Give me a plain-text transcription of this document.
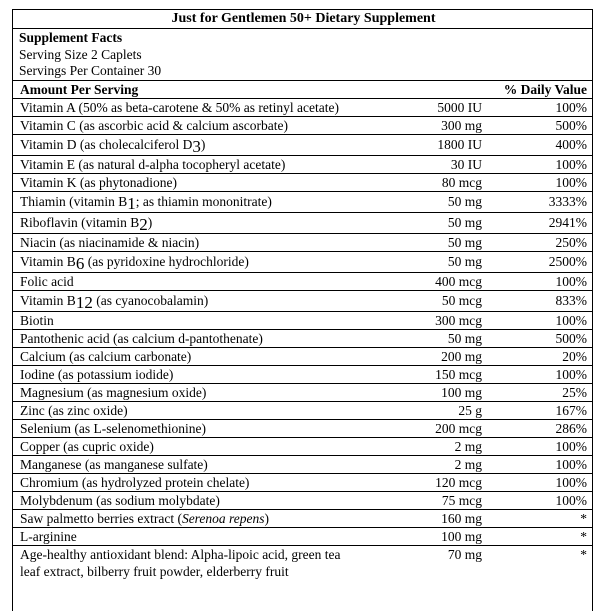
Just for Gentlemen 50+ Dietary Supplement		

Supplement Facts
Serving Size 2 Caplets
Servings Per Container 30		

Amount Per Serving	% Daily Value	
Vitamin A (50% as beta-carotene & 50% as retinyl acetate)	5000 IU	100%
Vitamin C (as ascorbic acid & calcium ascorbate)	300 mg	500%
Vitamin D (as cholecalciferol D3)	1800 IU	400%
Vitamin E (as natural d-alpha tocopheryl acetate)	30 IU	100%
Vitamin K (as phytonadione)	80 mcg	100%
Thiamin (vitamin B1; as thiamin mononitrate)	50 mg	3333%
Riboflavin (vitamin B2)	50 mg	2941%
Niacin (as niacinamide & niacin)	50 mg	250%
Vitamin B6 (as pyridoxine hydrochloride)	50 mg	2500%
Folic acid	400 mcg	100%
Vitamin B12 (as cyanocobalamin)	50 mcg	833%
Biotin	300 mcg	100%
Pantothenic acid (as calcium d-pantothenate)	50 mg	500%
Calcium (as calcium carbonate)	200 mg	20%
Iodine (as potassium iodide)	150 mcg	100%
Magnesium (as magnesium oxide)	100 mg	25%
Zinc (as zinc oxide)	25 g	167%
Selenium (as L-selenomethionine)	200 mcg	286%
Copper (as cupric oxide)	2 mg	100%
Manganese (as manganese sulfate)	2 mg	100%
Chromium (as hydrolyzed protein chelate)	120 mcg	100%
Molybdenum (as sodium molybdate)	75 mcg	100%
Saw palmetto berries extract (Serenoa repens)	160 mg	*
L-arginine	100 mg	*
Age-healthy antioxidant blend: Alpha-lipoic acid, green tea leaf extract, bilberry fruit powder, elderberry fruit	70 mg	*
